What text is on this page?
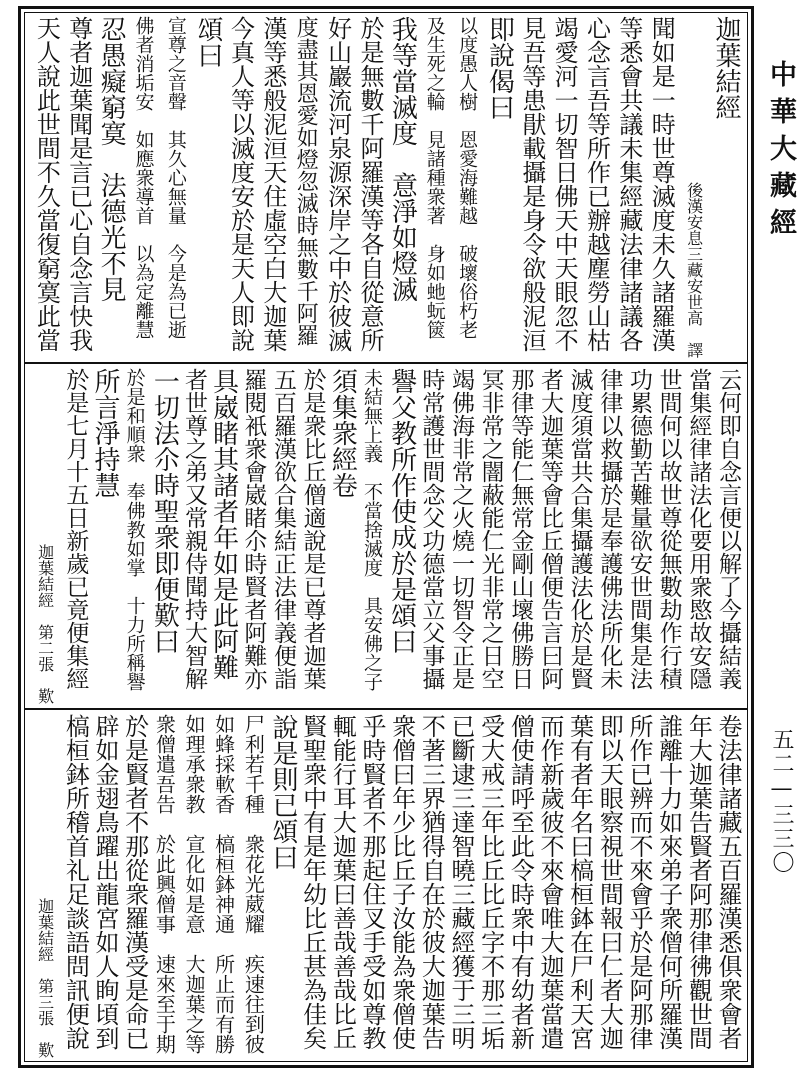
迦葉結經
後漢安息三藏安世高　譯
聞如是一時世尊滅度未久諸羅漢
等悉會共議未集經藏法律諸議各
心念言吾等所作已辦越塵勞山枯
竭愛河一切智日佛天中天眼忽不
見吾等患猒載攝是身令欲般泥洹
即說偈曰
以度愚人樹　恩愛海難越　破壞俗朽老
及生死之輪　見諸種衆著　身如虵蚖篋
我等當滅度　意淨如燈滅
於是無數千阿羅漢等各自從意所
好山巖流河泉源深岸之中於彼滅
度盡其恩愛如燈忽滅時無數千阿羅
漢等悉般泥洹天住虛空白大迦葉
今真人等以滅度安於是天人即說
頌曰
宣尊之音聲　其久心無量　今是為已逝
佛者消垢安　如應衆導首　以為定離慧
忍愚癡窮寞　法德光不見
尊者迦葉聞是言已心自念言快我
天人說此世間不久當復窮寞此當
云何即自念言便以解了今攝結義
當集經律諸法化要用衆愍故安隱
世間何以故世尊從無數劫作行積
功累德勤苦難量欲安世間集是法
律律以救攝於是奉護佛法所化未
滅度須當共合集攝護法化於是賢
者大迦葉等會比丘僧便告言曰阿
那律等能仁無常金剛山壞佛勝日
冥非常之闇蔽能仁光非常之日空
竭佛海非常之火燒一切智令正是
時常護世間念父功德當立父事攝
譽父教所作使成於是頌曰
未結無上義　不當捨滅度　具安佛之子
須集衆經卷
於是衆比丘僧適說是已尊者迦葉
五百羅漢欲合集結正法律義便詣
羅閱衹衆會崴睹尒時賢者阿難亦
具崴睹其諸者年如是此阿難
者世尊之弟又常親侍聞持大智解
一切法尒時聖衆即便歎曰
於是和順衆　奉佛教如掌　十力所稱譽
所言淨持慧
於是七月十五日新歲已竟便集經
迦葉結經　第二張　歎
卷法律諸藏五百羅漢悉俱衆會者
年大迦葉告賢者阿那律彿觀世間
誰離十力如來弟子衆僧何所羅漢
所作已辨而不來會乎於是阿那律
即以天眼察視世間報曰仁者大迦
葉有者年名曰槁桓鉢在尸利天宮
而作新歲彼不來會唯大迦葉當遣
僧使請呼至此令時衆中有幼者新
受大戒三年比丘比丘字不那三垢
已斷逮三達智曉三藏經獲于三明
不著三界猶得自在於彼大迦葉告
衆僧曰年少比丘子汝能為衆僧使
乎時賢者不那起住叉手受如尊教
輒能行耳大迦葉曰善哉善哉比丘
賢聖衆中有是年幼比丘甚為佳矣
說是則已頌曰
尸利若千種　衆花光葳耀　疾速往到彼
如蜂採軟香　槁桓鉢神通　所止而有勝
如理承衆教　宣化如是意　大迦葉之等
衆僧遣吾告　於此興僧事　速來至于期
於是賢者不那從衆羅漢受是命已
辟如金翅鳥躍出龍宮如人眴頃到
槁桓鉢所稽首礼足談語問訊便說
迦葉結經　第三張　歎
中華大藏經
五二—三三〇
